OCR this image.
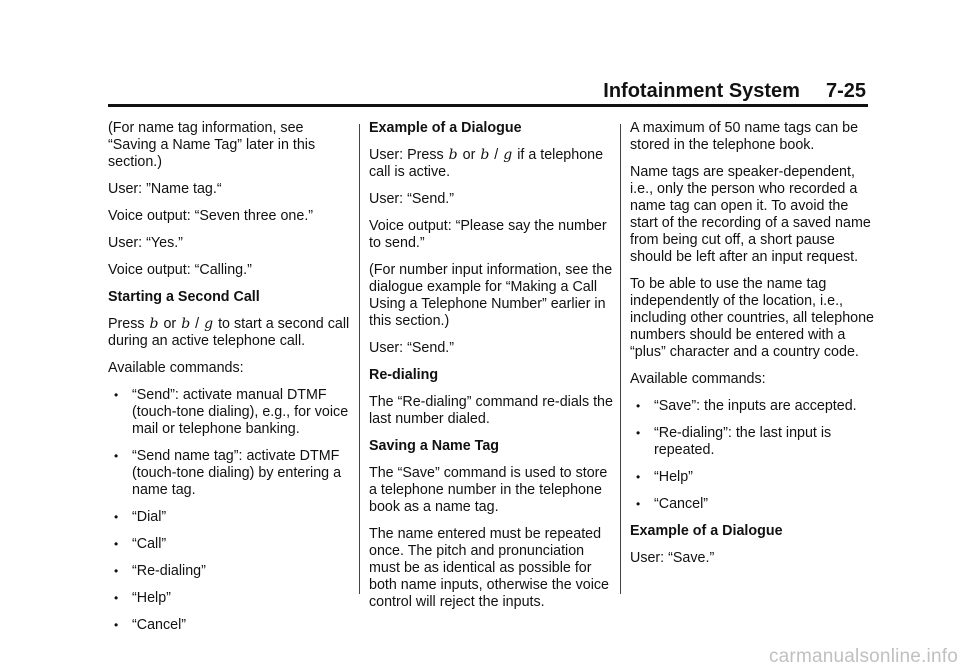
Infotainment System 7-25

(For name tag information, see “Saving a Name Tag” later in this section.)

User: ”Name tag.“

Voice output: “Seven three one.”

User: “Yes.”

Voice output: “Calling.”

Starting a Second Call

Press b or b / g to start a second call during an active telephone call.

Available commands:

• “Send”: activate manual DTMF (touch-tone dialing), e.g., for voice mail or telephone banking.
• “Send name tag”: activate DTMF (touch-tone dialing) by entering a name tag.
• “Dial”
• “Call”
• “Re-dialing”
• “Help”
• “Cancel”
Example of a Dialogue

User: Press b or b / g if a telephone call is active.

User: “Send.”

Voice output: “Please say the number to send.”

(For number input information, see the dialogue example for “Making a Call Using a Telephone Number” earlier in this section.)

User: “Send.”

Re-dialing

The “Re-dialing” command re-dials the last number dialed.

Saving a Name Tag

The “Save” command is used to store a telephone number in the telephone book as a name tag.

The name entered must be repeated once. The pitch and pronunciation must be as identical as possible for both name inputs, otherwise the voice control will reject the inputs.

A maximum of 50 name tags can be stored in the telephone book.

Name tags are speaker-dependent, i.e., only the person who recorded a name tag can open it. To avoid the start of the recording of a saved name from being cut off, a short pause should be left after an input request.

To be able to use the name tag independently of the location, i.e., including other countries, all telephone numbers should be entered with a “plus” character and a country code.

Available commands:

• “Save”: the inputs are accepted.
• “Re-dialing”: the last input is repeated.
• “Help”
• “Cancel”
Example of a Dialogue

User: “Save.”

carmanualsonline.info
